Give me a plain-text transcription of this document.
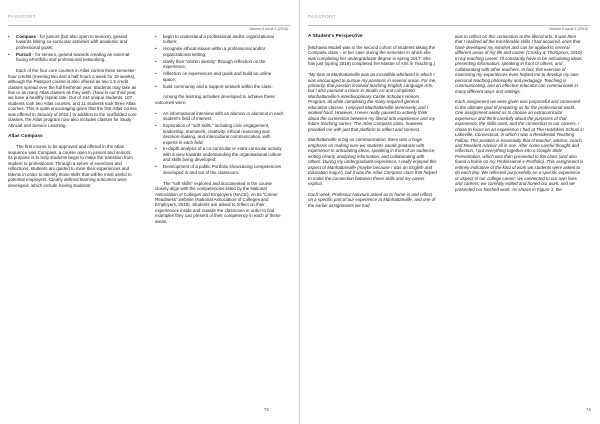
PASSPORT
Volume 6 Issue 1 (2018)
• Compass - for juniors (but also open to seniors), geared towards linking co-curricular activities with academic and professional goals;
• Pursuit - for seniors, geared towards creating an external-facing ePortfolio and professional networking.

Each of the four core courses in Atlas carries three semester-hour credits (meeting two and a half hours a week for 15 weeks), although the Passport course is also offered as two 1.5 credit classes spread over the full freshman year. Students may take as few or as many Atlas classes as they wish. (Now in our third year, we have a healthy repeat rate. Out of 444 unique students, 107 students took two Atlas courses, and 11 students took three Atlas courses. This is quite encouraging given that the first Atlas course was offered in January of 2016.) In addition to the scaffolded core classes, the Atlas program now also includes classes for Study Abroad and Service Learning.

Atlas Compass

The first course to be approved and offered in the Atlas sequence was Compass, a course open to juniors and seniors. Its purpose is to help students begin to make the transition from student to professional. Through a series of exercises and reflections, students are guided to mine their experiences and talents in order to identify those skills that will be most useful to potential employers. Clearly defined learning outcomes were developed, which include having students:

• begin to understand a professional and/or organizational culture;
• recognise ethical issues within a professional and/or organizational setting;
• clarify their “citizen identity” through reflection on the experience;
• reflection on experiences and goals and build an online space;
• build community and a support network within the class.

Among the learning activities developed to achieve these outcomes were:

• An informational interview with an alumna or alumnus in each student's field of interest;
• Exploration of “soft skills,” including civic engagement, leadership, teamwork, creativity, ethical reasoning and decision-making, and intercultural communication, with experts in each field;
• In-depth analysis of a co-curricular or extra-curricular activity with a view towards understanding the organisational culture and skills being developed;
• Development of a public Portfolio showcasing competencies developed in and out of the classroom.

The “soft skills” explored and documented in the course closely align with the competencies listed by the National Association of Colleges and Employers (NACE), on its “Career Readiness” website (National Association of Colleges and Employers, 2018). Students are asked to reflect on their experiences inside and outside the classroom in order to find examples they can present of their competency in each of these areas.

73
PASSPORT
Volume 6 Issue 1 (2018)
A Student's Perspective

[Michaela Mudell was in the second cohort of students taking the Compass class – in her case during the semester in which she was completing her undergraduate degree in spring 2017. She has just (spring 2018) completed her Master of Arts in Teaching.]

“My time at Manhattanville was an incredible whirlwind in which I was encouraged to pursue my passions in several areas. For me, primarily, that passion involved teaching English Language Arts, but I also pursued a minor in Studio Art and completed Manhattanville's interdisciplinary Castle Scholars Honors Program, all while completing the many required general education classes. I enjoyed Manhattanville immensely, and I worked hard. However, I never really paused to actively think about the connection between my liberal arts experience and my future teaching career. The Atlas Compass class, however, provided me with just that platform to reflect and connect.

Manhattanville is big on communication; there was a huge emphasis on making sure we students would graduate with experience in articulating ideas, speaking in front of an audience, writing clearly, analyzing information, and collaborating with others. During my undergraduate experience, I really enjoyed this aspect of Manhattanville (maybe because I was an English and Education major!), but it was the Atlas Compass class that helped to make the connection between these skills and my career explicit.

Each week, Professor Hannum asked us to home in and reflect on a specific part of our experience at Manhattanville, and one of the earlier assignments we had

was to reflect on this connection to the liberal arts. It was then that I realized all the transferable skills I had acquired, ones that have developed my mindset and can be applied to several different areas of my life and career (Crosby & Thompson, 2010). In my teaching career, I'll constantly have to be articulating ideas, presenting information, speaking in front of others, and collaborating with other teachers. In fact, this exercise of examining my experiences even helped me to develop my own personal teaching philosophy and pedagogy. Teaching is communicating, and an effective educator can communicate in many different ways and settings.

Each assignment we were given was purposeful and connected to the ultimate goal of preparing us for the professional world. One assignment asked us to choose an extracurricular experience and think carefully about the purposes of that experience, the skills used, and the connection to our careers. I chose to focus on an experience I had at The Hotchkiss School in Lakeville, Connecticut, in which I was a Residential Teaching Fellow. This position is essentially that of teacher, advisor, coach, and Resident Advisor all in one. After some careful thought and reflection, I put everything together into a Google Slide Presentation, which was then presented to the class (and also found a home on my Professional e-Portfolio). This assignment is entirely indicative of the kind of work we students were asked to do each day. We reflected purposefully on a specific experience or aspect of our college career; we connected to our own lives and careers; we carefully edited and honed our work; and we presented our finished work. As shown in Figure 1, the

74
